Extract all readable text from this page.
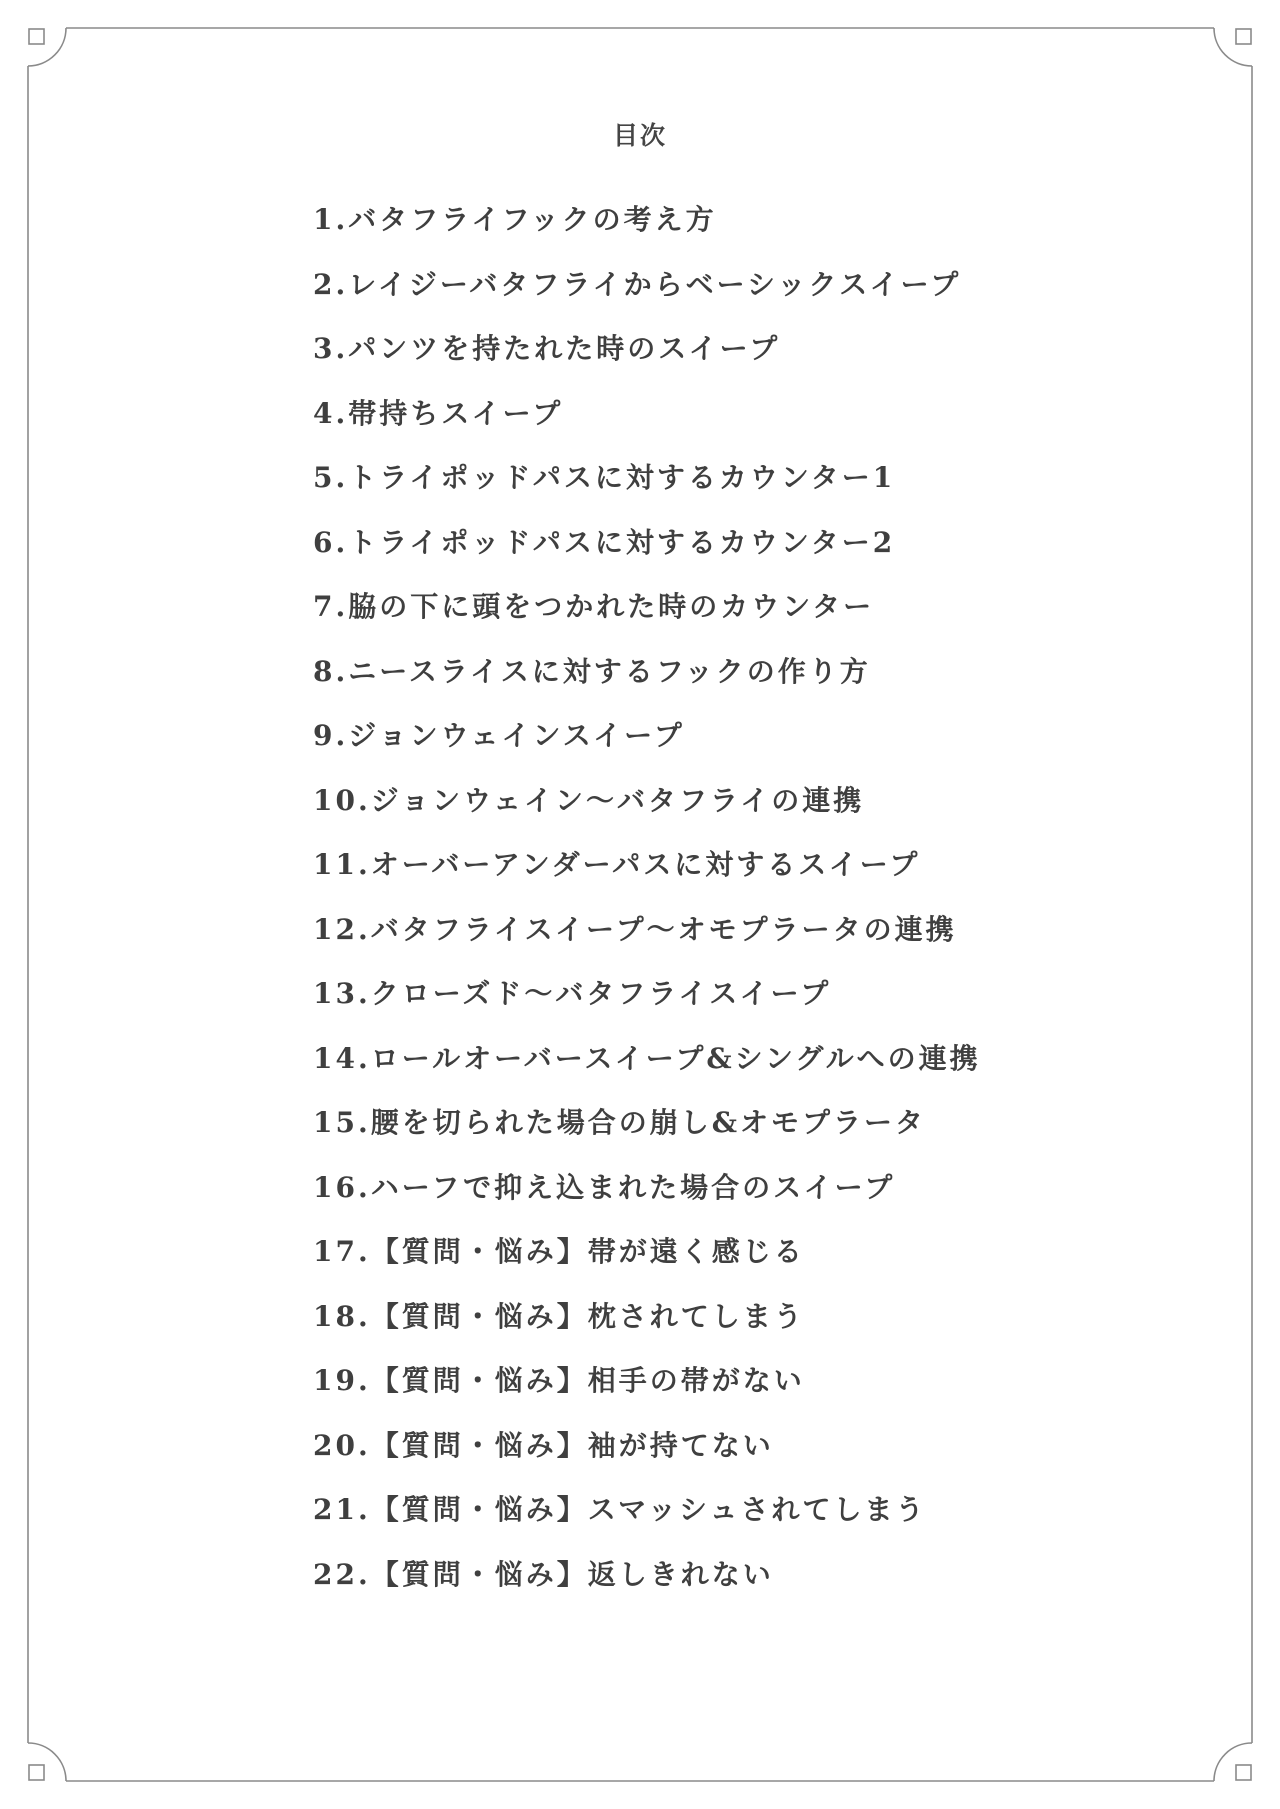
目次
1.バタフライフックの考え方
2.レイジーバタフライからベーシックスイープ
3.パンツを持たれた時のスイープ
4.帯持ちスイープ
5.トライポッドパスに対するカウンター1
6.トライポッドパスに対するカウンター2
7.脇の下に頭をつかれた時のカウンター
8.ニースライスに対するフックの作り方
9.ジョンウェインスイープ
10.ジョンウェイン〜バタフライの連携
11.オーバーアンダーパスに対するスイープ
12.バタフライスイープ〜オモプラータの連携
13.クローズド〜バタフライスイープ
14.ロールオーバースイープ&シングルへの連携
15.腰を切られた場合の崩し&オモプラータ
16.ハーフで抑え込まれた場合のスイープ
17.【質問・悩み】帯が遠く感じる
18.【質問・悩み】枕されてしまう
19.【質問・悩み】相手の帯がない
20.【質問・悩み】袖が持てない
21.【質問・悩み】スマッシュされてしまう
22.【質問・悩み】返しきれない
